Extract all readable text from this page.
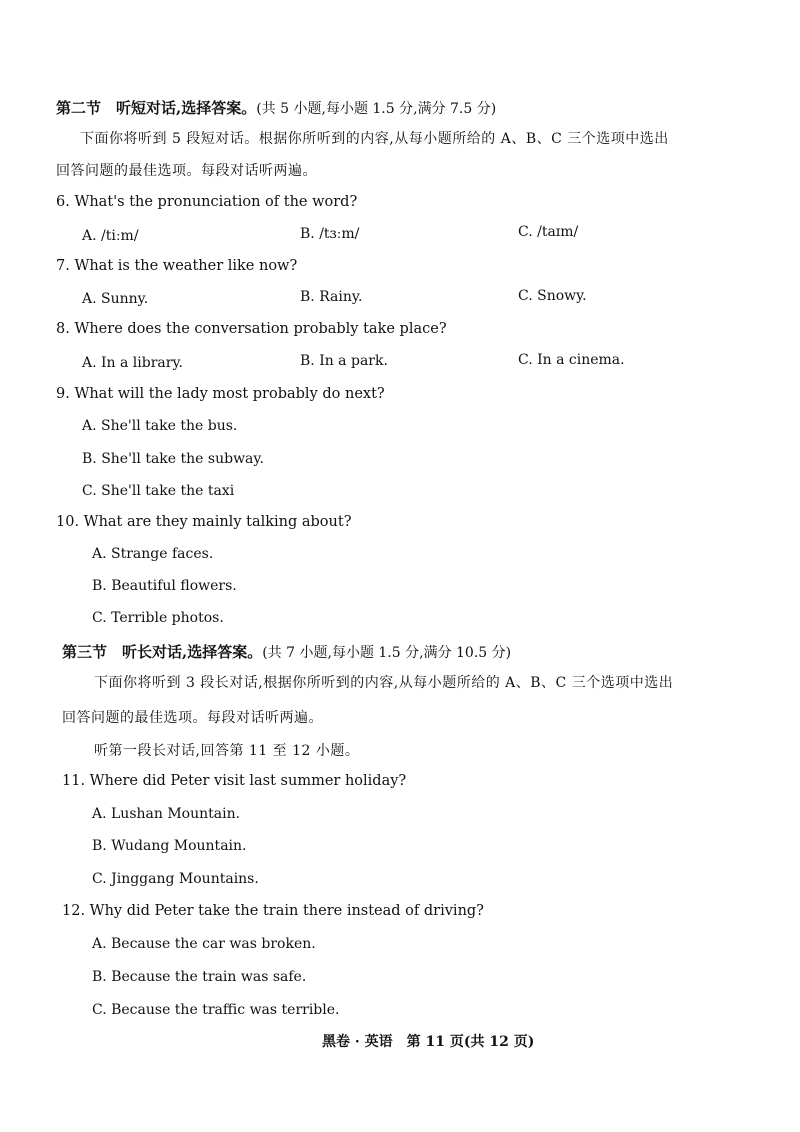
第二节　听短对话,选择答案。(共 5 小题,每小题 1.5 分,满分 7.5 分)
下面你将听到 5 段短对话。根据你所听到的内容,从每小题所给的 A、B、C 三个选项中选出
回答问题的最佳选项。每段对话听两遍。
6. What's the pronunciation of the word?
A. /tiːm/	B. /tɜːm/	C. /taɪm/
7. What is the weather like now?
A. Sunny.	B. Rainy.	C. Snowy.
8. Where does the conversation probably take place?
A. In a library.	B. In a park.	C. In a cinema.
9. What will the lady most probably do next?
A. She'll take the bus.
B. She'll take the subway.
C. She'll take the taxi
10. What are they mainly talking about?
A. Strange faces.
B. Beautiful flowers.
C. Terrible photos.
第三节　听长对话,选择答案。(共 7 小题,每小题 1.5 分,满分 10.5 分)
下面你将听到 3 段长对话,根据你所听到的内容,从每小题所给的 A、B、C 三个选项中选出
回答问题的最佳选项。每段对话听两遍。
听第一段长对话,回答第 11 至 12 小题。
11. Where did Peter visit last summer holiday?
A. Lushan Mountain.
B. Wudang Mountain.
C. Jinggang Mountains.
12. Why did Peter take the train there instead of driving?
A. Because the car was broken.
B. Because the train was safe.
C. Because the traffic was terrible.
黑卷 · 英语　第 11 页(共 12 页)
